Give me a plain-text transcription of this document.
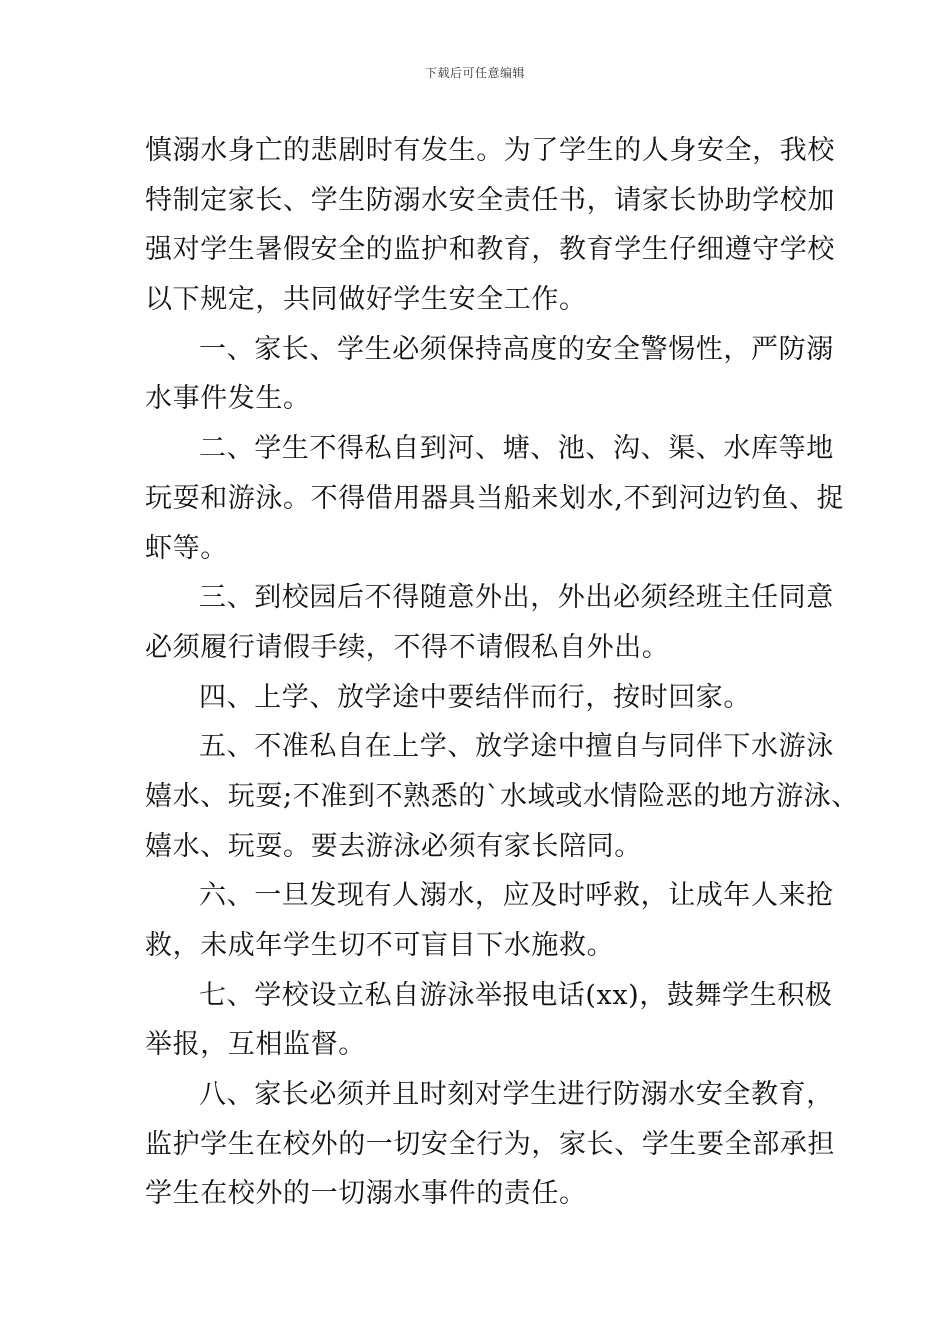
下载后可任意编辑
慎溺水身亡的悲剧时有发生。为了学生的人身安全，我校
特制定家长、学生防溺水安全责任书，请家长协助学校加
强对学生暑假安全的监护和教育，教育学生仔细遵守学校
以下规定，共同做好学生安全工作。
一、家长、学生必须保持高度的安全警惕性，严防溺
水事件发生。
二、学生不得私自到河、塘、池、沟、渠、水库等地
玩耍和游泳。不得借用器具当船来划水,不到河边钓鱼、捉
虾等。
三、到校园后不得随意外出，外出必须经班主任同意
必须履行请假手续，不得不请假私自外出。
四、上学、放学途中要结伴而行，按时回家。
五、不准私自在上学、放学途中擅自与同伴下水游泳
嬉水、玩耍;不准到不熟悉的`水域或水情险恶的地方游泳、
嬉水、玩耍。要去游泳必须有家长陪同。
六、一旦发现有人溺水，应及时呼救，让成年人来抢
救，未成年学生切不可盲目下水施救。
七、学校设立私自游泳举报电话(xx)，鼓舞学生积极
举报，互相监督。
八、家长必须并且时刻对学生进行防溺水安全教育，
监护学生在校外的一切安全行为，家长、学生要全部承担
学生在校外的一切溺水事件的责任。
